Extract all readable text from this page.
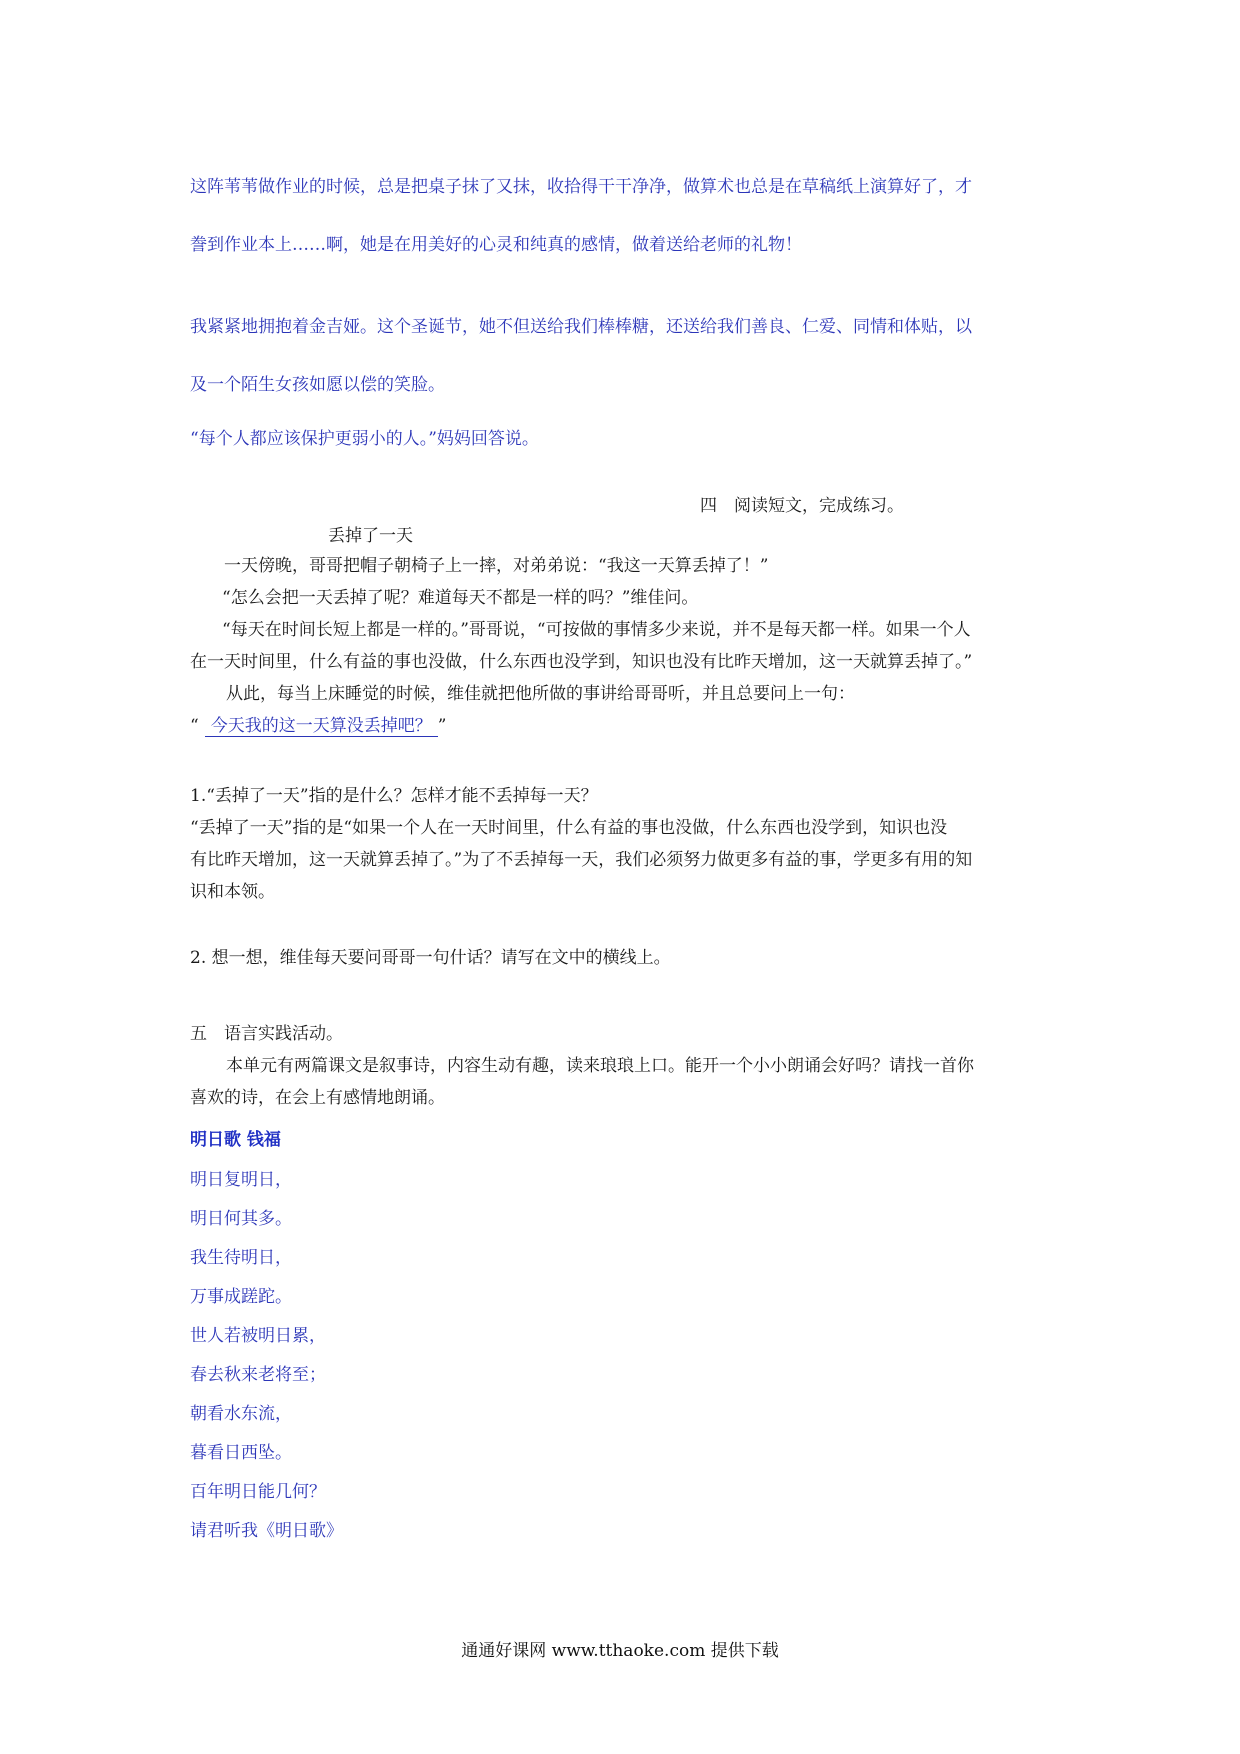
这阵苇苇做作业的时候，总是把桌子抹了又抹，收拾得干干净净，做算术也总是在草稿纸上演算好了，才
誊到作业本上……啊，她是在用美好的心灵和纯真的感情，做着送给老师的礼物！
我紧紧地拥抱着金吉娅。这个圣诞节，她不但送给我们棒棒糖，还送给我们善良、仁爱、同情和体贴，以
及一个陌生女孩如愿以偿的笑脸。
“每个人都应该保护更弱小的人。”妈妈回答说。
四　阅读短文，完成练习。
丢掉了一天
一天傍晚，哥哥把帽子朝椅子上一摔，对弟弟说：“我这一天算丢掉了！”
“怎么会把一天丢掉了呢？难道每天不都是一样的吗？”维佳问。
“每天在时间长短上都是一样的。”哥哥说，“可按做的事情多少来说，并不是每天都一样。如果一个人
在一天时间里，什么有益的事也没做，什么东西也没学到，知识也没有比昨天增加，这一天就算丢掉了。”
从此，每当上床睡觉的时候，维佳就把他所做的事讲给哥哥听，并且总要问上一句：
“ 今天我的这一天算没丢掉吧？ ”
1.“丢掉了一天”指的是什么？怎样才能不丢掉每一天？
“丢掉了一天”指的是“如果一个人在一天时间里，什么有益的事也没做，什么东西也没学到，知识也没
有比昨天增加，这一天就算丢掉了。”为了不丢掉每一天，我们必须努力做更多有益的事，学更多有用的知
识和本领。
2. 想一想，维佳每天要问哥哥一句什话？请写在文中的横线上。
五　语言实践活动。
本单元有两篇课文是叙事诗，内容生动有趣，读来琅琅上口。能开一个小小朗诵会好吗？请找一首你
喜欢的诗，在会上有感情地朗诵。
明日歌 钱福
明日复明日，
明日何其多。
我生待明日，
万事成蹉跎。
世人若被明日累，
春去秋来老将至；
朝看水东流，
暮看日西坠。
百年明日能几何？
请君听我《明日歌》
通通好课网 www.tthaoke.com 提供下载
